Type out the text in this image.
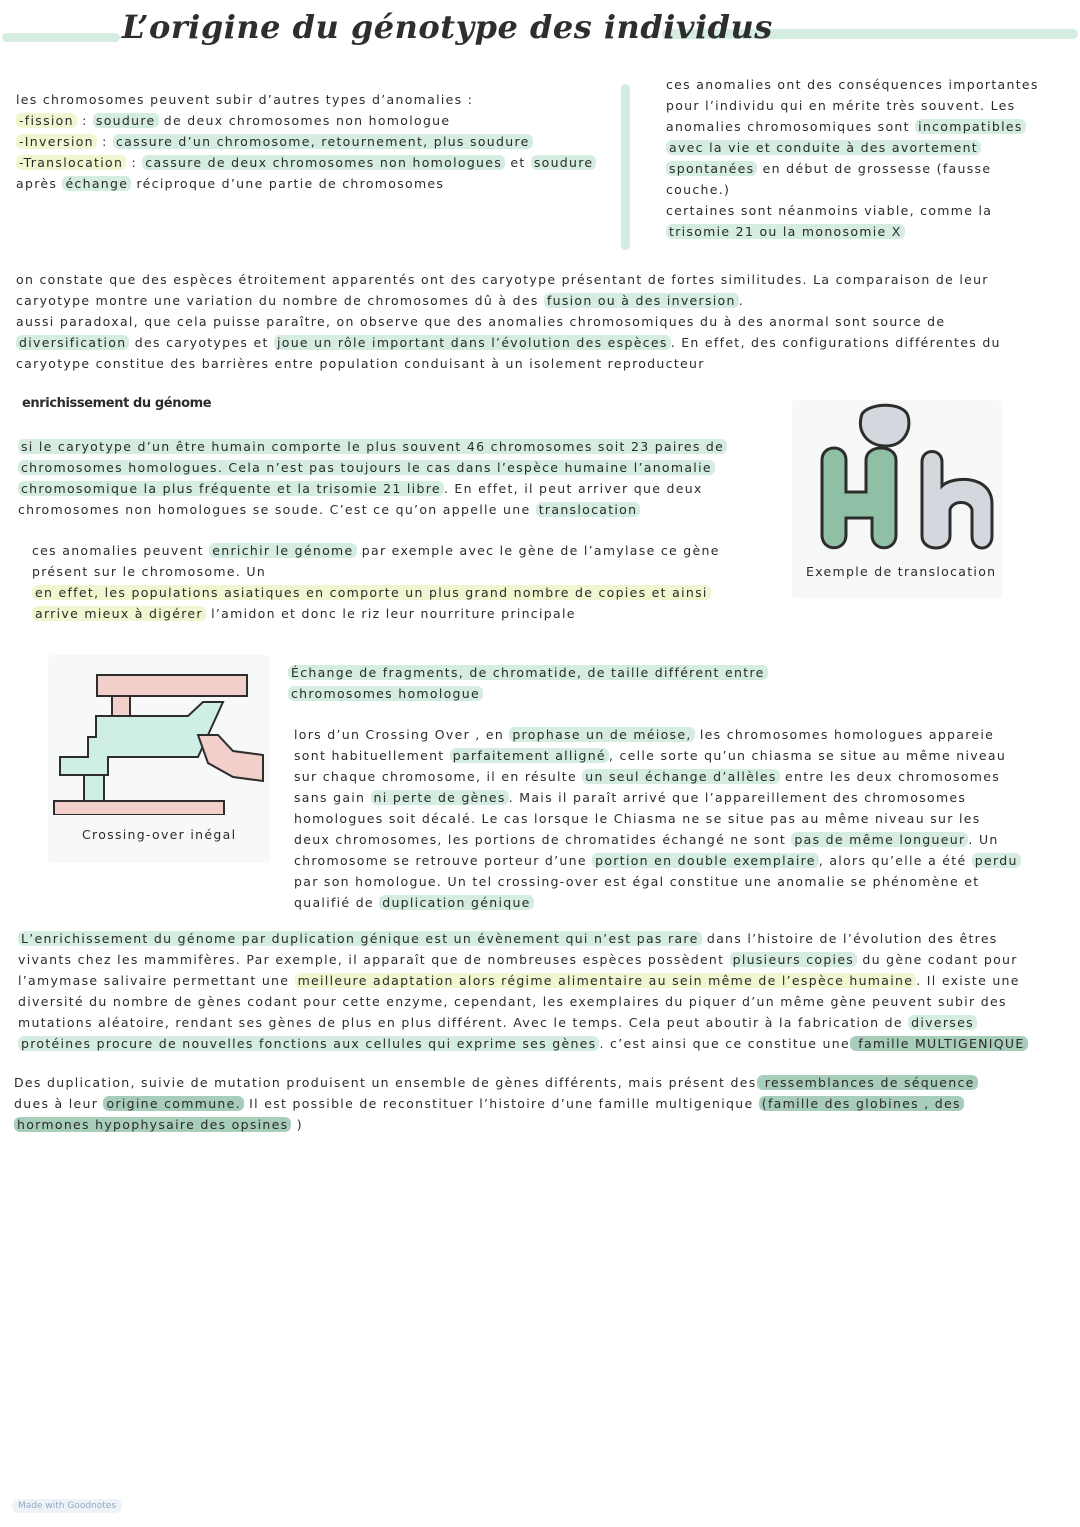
L’origine du génotype des individus
les chromosomes peuvent subir d’autres types d’anomalies :
-fission : soudure de deux chromosomes non homologue
-Inversion : cassure d’un chromosome, retournement, plus soudure
-Translocation : cassure de deux chromosomes non homologues et soudure
après échange réciproque d’une partie de chromosomes
ces anomalies ont des conséquences importantes
pour l’individu qui en mérite très souvent. Les
anomalies chromosomiques sont incompatibles
avec la vie et conduite à des avortement
spontanées en début de grossesse (fausse
couche.)
certaines sont néanmoins viable, comme la
trisomie 21 ou la monosomie X
on constate que des espèces étroitement apparentés ont des caryotype présentant de fortes similitudes. La comparaison de leur
caryotype montre une variation du nombre de chromosomes dû à des fusion ou à des inversion .
aussi paradoxal, que cela puisse paraître, on observe que des anomalies chromosomiques du à des anormal sont source de
diversification des caryotypes et joue un rôle important dans l’évolution des espèces . En effet, des configurations différentes du
caryotype constitue des barrières entre population conduisant à un isolement reproducteur
enrichissement du génome
si le caryotype d’un être humain comporte le plus souvent 46 chromosomes soit 23 paires de
chromosomes homologues. Cela n’est pas toujours le cas dans l’espèce humaine l’anomalie
chromosomique la plus fréquente et la trisomie 21 libre . En effet, il peut arriver que deux
chromosomes non homologues se soude. C’est ce qu’on appelle une translocation
ces anomalies peuvent enrichir le génome par exemple avec le gène de l’amylase ce gène
présent sur le chromosome. Un
en effet, les populations asiatiques en comporte un plus grand nombre de copies et ainsi
arrive mieux à digérer l’amidon et donc le riz leur nourriture principale
Exemple de translocation
Crossing-over inégal
Échange de fragments, de chromatide, de taille différent entre
chromosomes homologue
lors d’un Crossing Over , en prophase un de méiose, les chromosomes homologues appareie
sont habituellement parfaitement alligné , celle sorte qu’un chiasma se situe au même niveau
sur chaque chromosome, il en résulte un seul échange d’allèles entre les deux chromosomes
sans gain ni perte de gènes . Mais il paraît arrivé que l’appareillement des chromosomes
homologues soit décalé. Le cas lorsque le Chiasma ne se situe pas au même niveau sur les
deux chromosomes, les portions de chromatides échangé ne sont pas de même longueur . Un
chromosome se retrouve porteur d’une portion en double exemplaire , alors qu’elle a été perdu
par son homologue. Un tel crossing-over est égal constitue une anomalie se phénomène et
qualifié de duplication génique
L’enrichissement du génome par duplication génique est un évènement qui n’est pas rare dans l’histoire de l’évolution des êtres
vivants chez les mammifères. Par exemple, il apparaît que de nombreuses espèces possèdent plusieurs copies du gène codant pour
l’amymase salivaire permettant une meilleure adaptation alors régime alimentaire au sein même de l’espèce humaine . Il existe une
diversité du nombre de gènes codant pour cette enzyme, cependant, les exemplaires du piquer d’un même gène peuvent subir des
mutations aléatoire, rendant ses gènes de plus en plus différent. Avec le temps. Cela peut aboutir à la fabrication de diverses
protéines procure de nouvelles fonctions aux cellules qui exprime ses gènes . c’est ainsi que ce constitue une famille MULTIGENIQUE
Des duplication, suivie de mutation produisent un ensemble de gènes différents, mais présent des ressemblances de séquence
dues à leur origine commune. Il est possible de reconstituer l’histoire d’une famille multigenique (famille des globines , des
hormones hypophysaire des opsines )
Made with Goodnotes
